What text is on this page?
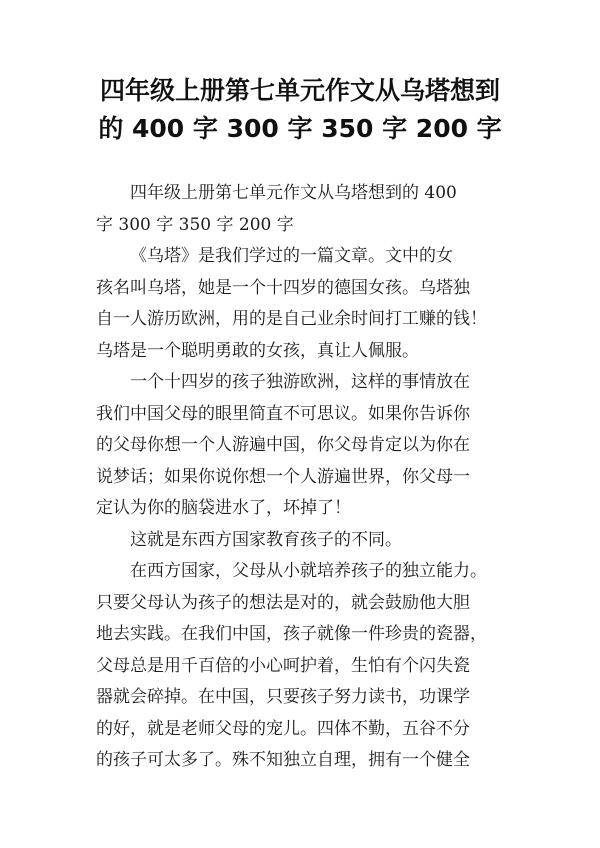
四年级上册第七单元作文从乌塔想到
的 400 字 300 字 350 字 200 字
四年级上册第七单元作文从乌塔想到的 400
字 300 字 350 字 200 字
《乌塔》是我们学过的一篇文章。文中的女
孩名叫乌塔，她是一个十四岁的德国女孩。乌塔独
自一人游历欧洲，用的是自己业余时间打工赚的钱！
乌塔是一个聪明勇敢的女孩，真让人佩服。
一个十四岁的孩子独游欧洲，这样的事情放在
我们中国父母的眼里简直不可思议。如果你告诉你
的父母你想一个人游遍中国，你父母肯定以为你在
说梦话；如果你说你想一个人游遍世界，你父母一
定认为你的脑袋进水了，坏掉了！
这就是东西方国家教育孩子的不同。
在西方国家，父母从小就培养孩子的独立能力。
只要父母认为孩子的想法是对的，就会鼓励他大胆
地去实践。在我们中国，孩子就像一件珍贵的瓷器，
父母总是用千百倍的小心呵护着，生怕有个闪失瓷
器就会碎掉。在中国，只要孩子努力读书，功课学
的好，就是老师父母的宠儿。四体不勤，五谷不分
的孩子可太多了。殊不知独立自理，拥有一个健全
